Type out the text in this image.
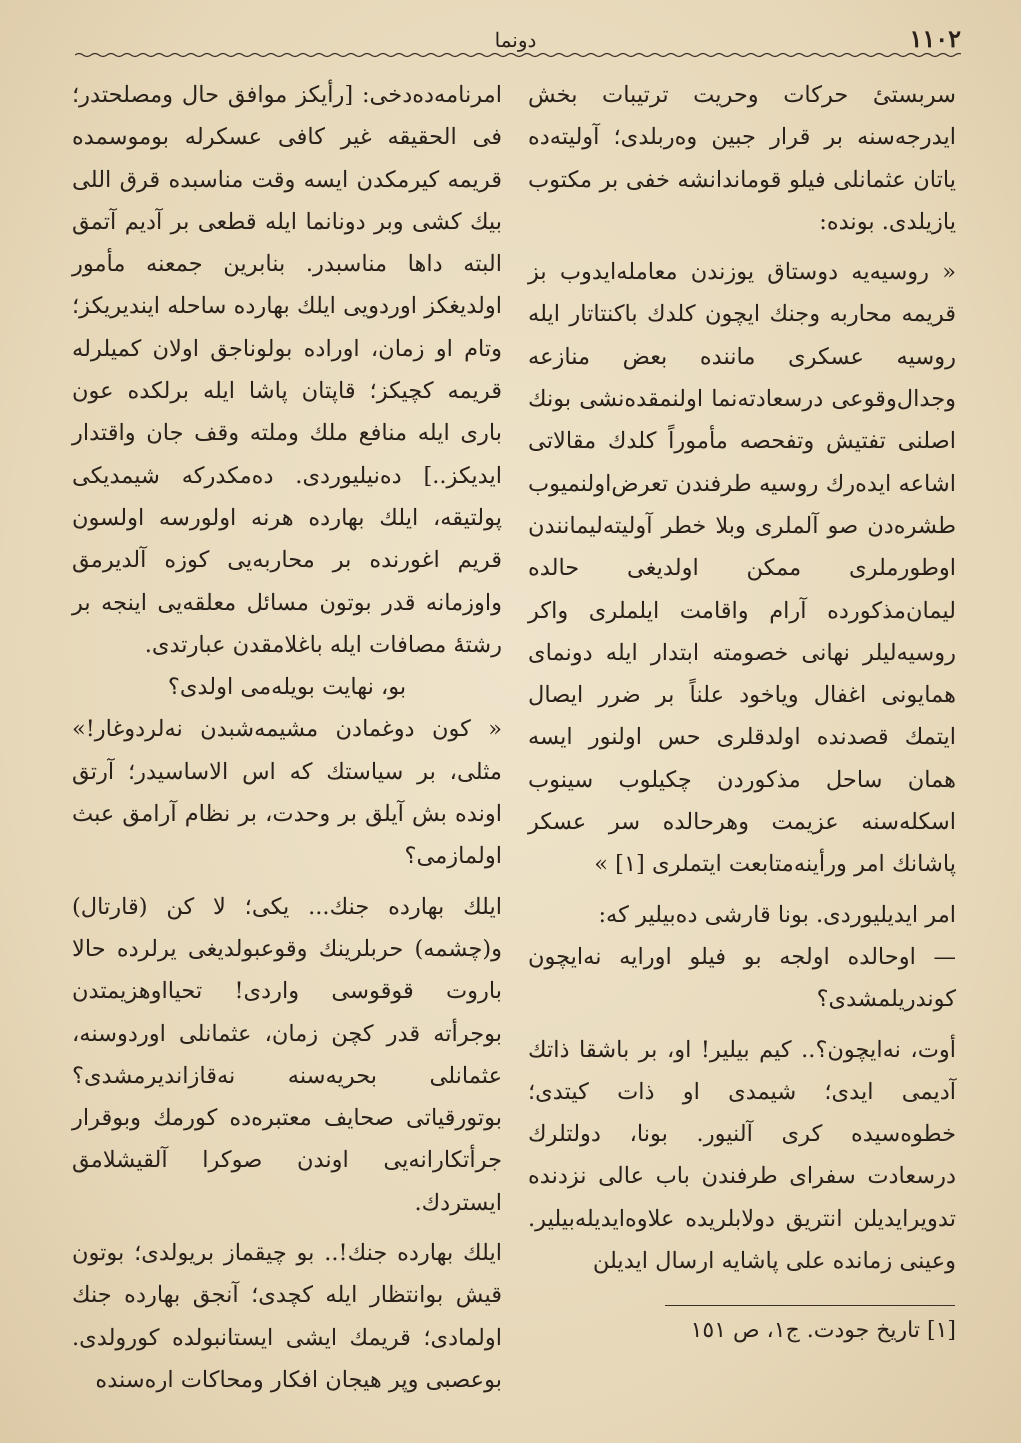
دونما	١١٠٢

سربستیٔ حرکات وحریت ترتیبات بخش ایدرجه‌سنه بر قرار جبین وه‌ربلدی؛ آولیته‌ده یاتان عثمانلی فیلو قوماندانشه خفی بر مکتوب یازیلدی. بونده:

« روسیه‌یه دوستاق یوزندن معامله‌ایدوب بز قریمه محاربه وجنك ایچون کلدك باکنتاتار ایله روسیه عسکری ماننده بعض منازعه وجدال‌وقوعی درسعادته‌نما اولنمقده‌نشی بونك اصلنی تفتیش وتفحصه مأموراً کلدك مقالاتی اشاعه ایده‌رك روسیه طرفندن تعرض‌اولنمیوب طشره‌دن صو آلملری وبلا خطر آولیته‌لیمانندن اوطورملری ممکن اولدیغی حالده لیمان‌مذکورده آرام واقامت ایلملری واکر روسیه‌لیلر نهانی خصومته ابتدار ایله دونمای همایونی اغفال ویاخود علناً بر ضرر ایصال ایتمك قصدنده اولدقلری حس اولنور ایسه همان ساحل مذکوردن چکیلوب سینوب اسکله‌سنه عزیمت وهرحالده سر عسکر پاشانك امر ورأینه‌متابعت ایتملری [١] »

امر ایدیلیوردی. بونا قارشی ده‌بیلیر که:

— اوحالده اولجه بو فیلو اورایه نه‌ایچون کوندریلمشدی؟

أوت، نه‌ایچون؟.. کیم بیلیر! او، بر باشقا ذاتك آدیمی ایدی؛ شیمدی او ذات کیتدی؛ خطوه‌سیده کری آلنیور. بونا، دولتلرك درسعادت سفرای طرفندن باب عالی نزدنده تدویرایدیلن انتریق دولابلریده علاوه‌ایدیله‌بیلیر. وعینی زمانده علی پاشایه ارسال ایدیلن

امرنامه‌ده‌دخی: [رأیکز موافق حال ومصلحتدر؛ فی الحقیقه غیر کافی عسکرله بوموسمده قریمه کیرمکدن ایسه وقت مناسبده قرق اللی بیك کشی وبر دونانما ایله قطعی بر آدیم آتمق البته داها مناسبدر. بنابرین جمعنه مأمور اولدیغکز اوردویی ایلك بهارده ساحله ایندیریکز؛ وتام او زمان، اوراده بولوناجق اولان کمیلرله قریمه کچیکز؛ قاپتان پاشا ایله برلکده عون باری ایله منافع ملك وملته وقف جان واقتدار ایدیکز..] ده‌نیلیوردی. ده‌مکدرکه شیمدیکی پولتیقه، ایلك بهارده هرنه اولورسه اولسون قریم اغورنده بر محاربه‌یی کوزه آلدیرمق واوزمانه قدر بوتون مسائل معلقه‌یی اینجه بر رشتهٔ مصافات ایله باغلامقدن عبارتدی.

بو، نهایت بویله‌می اولدی؟

« کون دوغمادن مشیمه‌شبدن نه‌لردوغار!» مثلی، بر سیاستك که اس الاساسیدر؛ آرتق اونده بش آیلق بر وحدت، بر نظام آرامق عبث اولمازمی؟

ایلك بهارده جنك... یکی؛ لا کن (قارتال) و(چشمه) حربلرینك وقوعبولدیغی یرلرده حالا باروت قوقوسی واردی! تحیااوهزیمتدن بوجرأته قدر کچن زمان، عثمانلی اوردوسنه، عثمانلی بحریه‌سنه نه‌قازاندیرمشدی؟ بوتورقیاتی صحایف معتبره‌ده کورمك وبوقرار جرأتکارانه‌یی اوندن صوکرا آلقیشلامق ایستردك.

ایلك بهارده جنك!.. بو چیقماز بریولدی؛ بوتون قیش بوانتظار ایله کچدی؛ آنجق بهارده جنك اولمادی؛ قریمك ایشی ایستانبولده کورولدی. بوعصبی وپر هیجان افکار ومحاکات اره‌سنده

[١] تاریخ جودت. ج١، ص ١٥١
